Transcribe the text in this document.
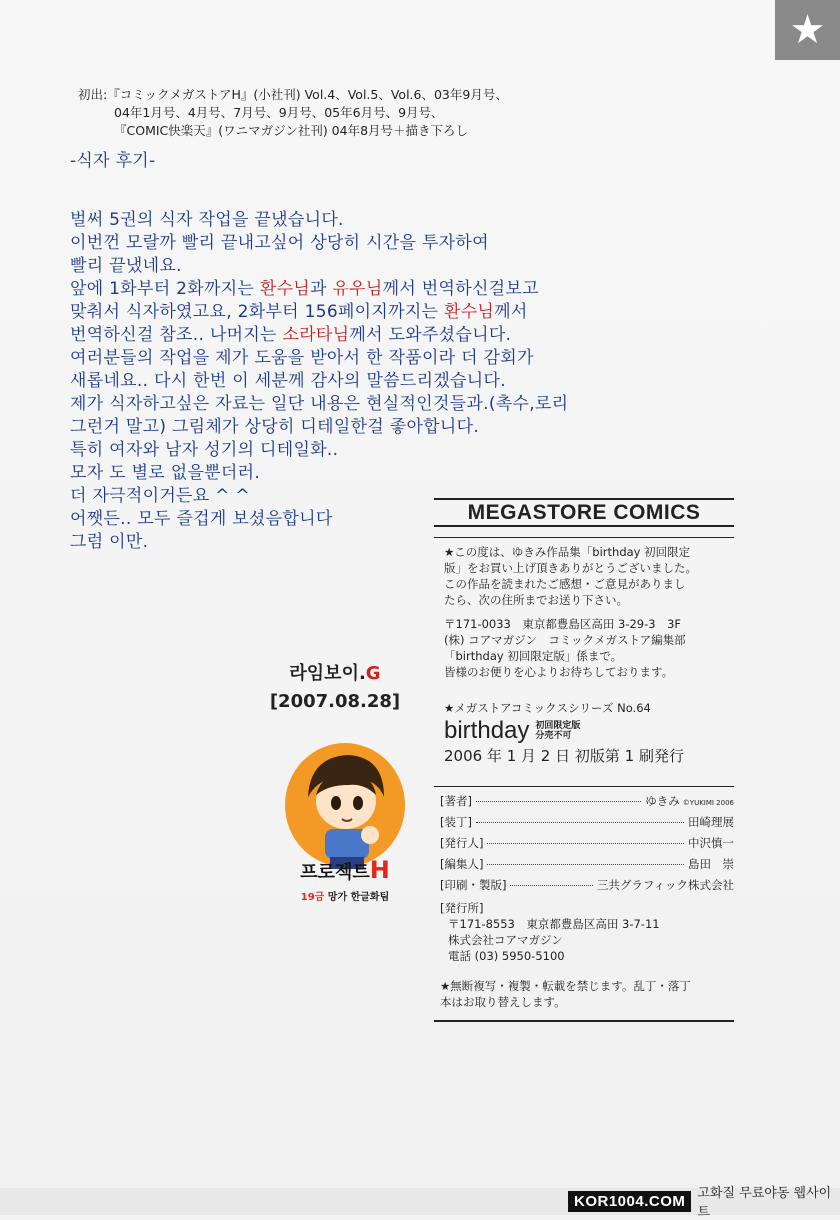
★
初出:『コミックメガストアH』(小社刊) Vol.4、Vol.5、Vol.6、03年9月号、
04年1月号、4月号、7月号、9月号、05年6月号、9月号、
『COMIC快楽天』(ワニマガジン社刊) 04年8月号＋描き下ろし
-식자 후기-
벌써 5권의 식자 작업을 끝냈습니다.
이번껀 모랄까 빨리 끝내고싶어 상당히 시간을 투자하여
빨리 끝냈네요.
앞에 1화부터 2화까지는 환수님과 유우님께서 번역하신걸보고
맞춰서 식자하였고요, 2화부터 156페이지까지는 환수님께서
번역하신걸 참조.. 나머지는 소라타님께서 도와주셨습니다.
여러분들의 작업을 제가 도움을 받아서 한 작품이라 더 감회가
새롭네요.. 다시 한번 이 세분께 감사의 말씀드리겠습니다.
제가 식자하고싶은 자료는 일단 내용은 현실적인것들과.(촉수,로리
그런거 말고) 그림체가 상당히 디테일한걸 좋아합니다.
특히 여자와 남자 성기의 디테일화..
모자 도 별로 없을뿐더러.
더 자극적이거든요 ^ ^
어쨋든.. 모두 즐겁게 보셨음합니다
그럼 이만.
라임보이.G
[2007.08.28]
프로젝트H
19금 망가 한글화팀
MEGASTORE COMICS

★この度は、ゆきみ作品集「birthday 初回限定

版」をお買い上げ頂きありがとうございました。

この作品を読まれたご感想・ご意見がありまし

たら、次の住所までお送り下さい。

〒171-0033　東京都豊島区高田 3-29-3　3F

(株) コアマガジン　コミックメガストア編集部

「birthday 初回限定版」係まで。

皆様のお便りを心よりお待ちしております。

★メガストアコミックスシリーズ No.64
birthday 初回限定版
分売不可
2006 年 1 月 2 日 初版第 1 刷発行
[著者]	ゆきみ ©YUKIMI 2006
[装丁]	田崎理展
[発行人]	中沢慎一
[編集人]	島田　崇
[印刷・製版]	三共グラフィック株式会社
[発行所]

〒171-8553　東京都豊島区高田 3-7-11

株式会社コアマガジン

電話 (03) 5950-5100

★無断複写・複製・転載を禁じます。乱丁・落丁

本はお取り替えします。

KOR1004.COM 고화질 무료야동 웹사이트
